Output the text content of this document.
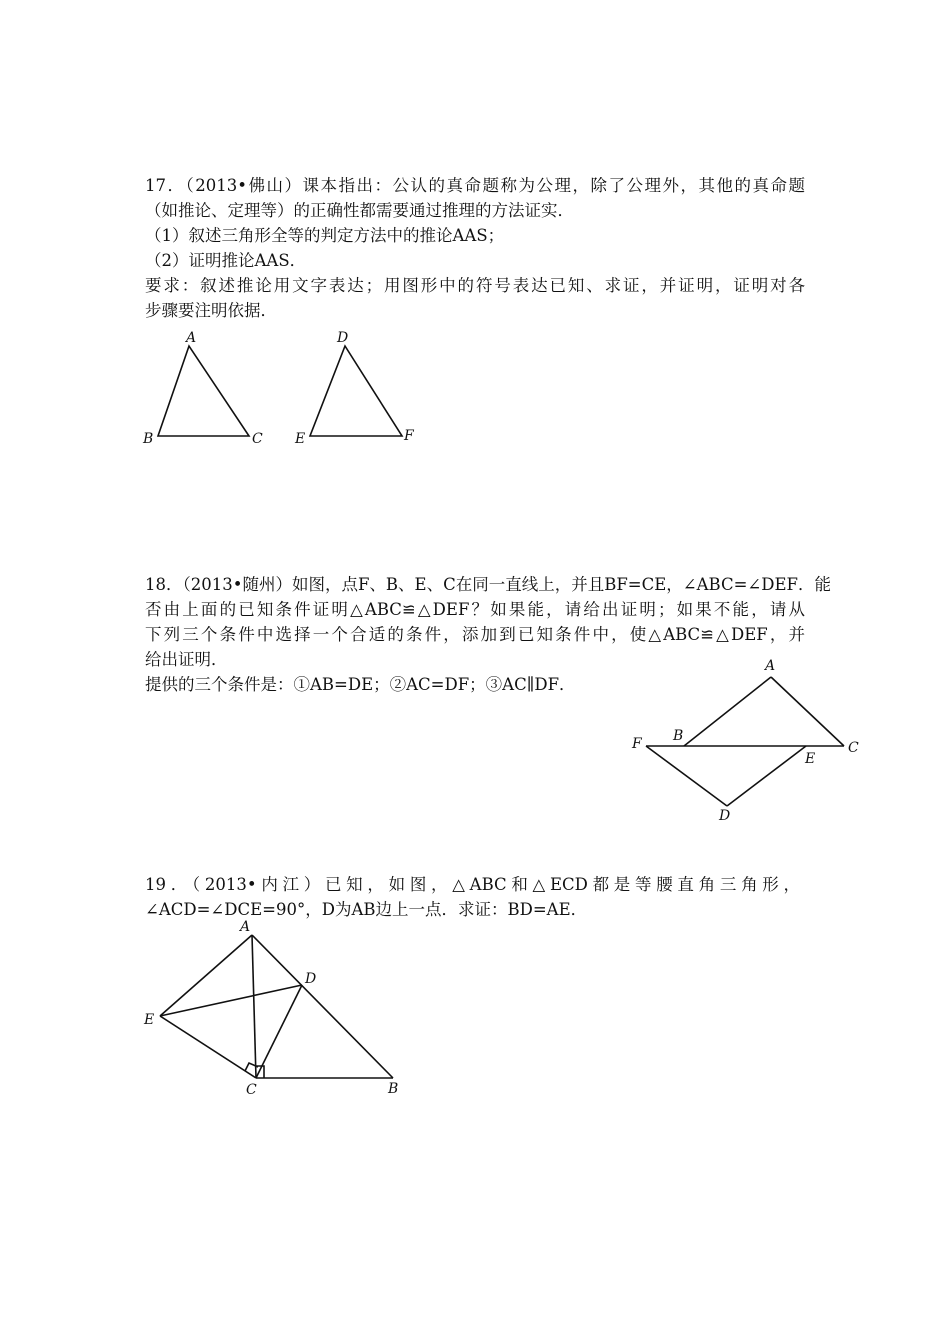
17．（2013•佛山）课本指出：公认的真命题称为公理，除了公理外，其他的真命题
（如推论、定理等）的正确性都需要通过推理的方法证实．
（1）叙述三角形全等的判定方法中的推论AAS；
（2）证明推论AAS．
要求：叙述推论用文字表达；用图形中的符号表达已知、求证，并证明，证明对各
步骤要注明依据．
A
B	C
D
E	F
18．（2013•随州）如图，点F、B、E、C在同一直线上，并且BF=CE，∠ABC=∠DEF．能
否由上面的已知条件证明△ABC≌△DEF？如果能，请给出证明；如果不能，请从
下列三个条件中选择一个合适的条件，添加到已知条件中，使△ABC≌△DEF，并
给出证明．
提供的三个条件是：①AB=DE；②AC=DF；③AC∥DF．
A
B
C
D
E
F
19．（2013•内江）已知，如图，△ABC和△ECD都是等腰直角三角形，
∠ACD=∠DCE=90°，D为AB边上一点．求证：BD=AE．
A
B
C
D
E
